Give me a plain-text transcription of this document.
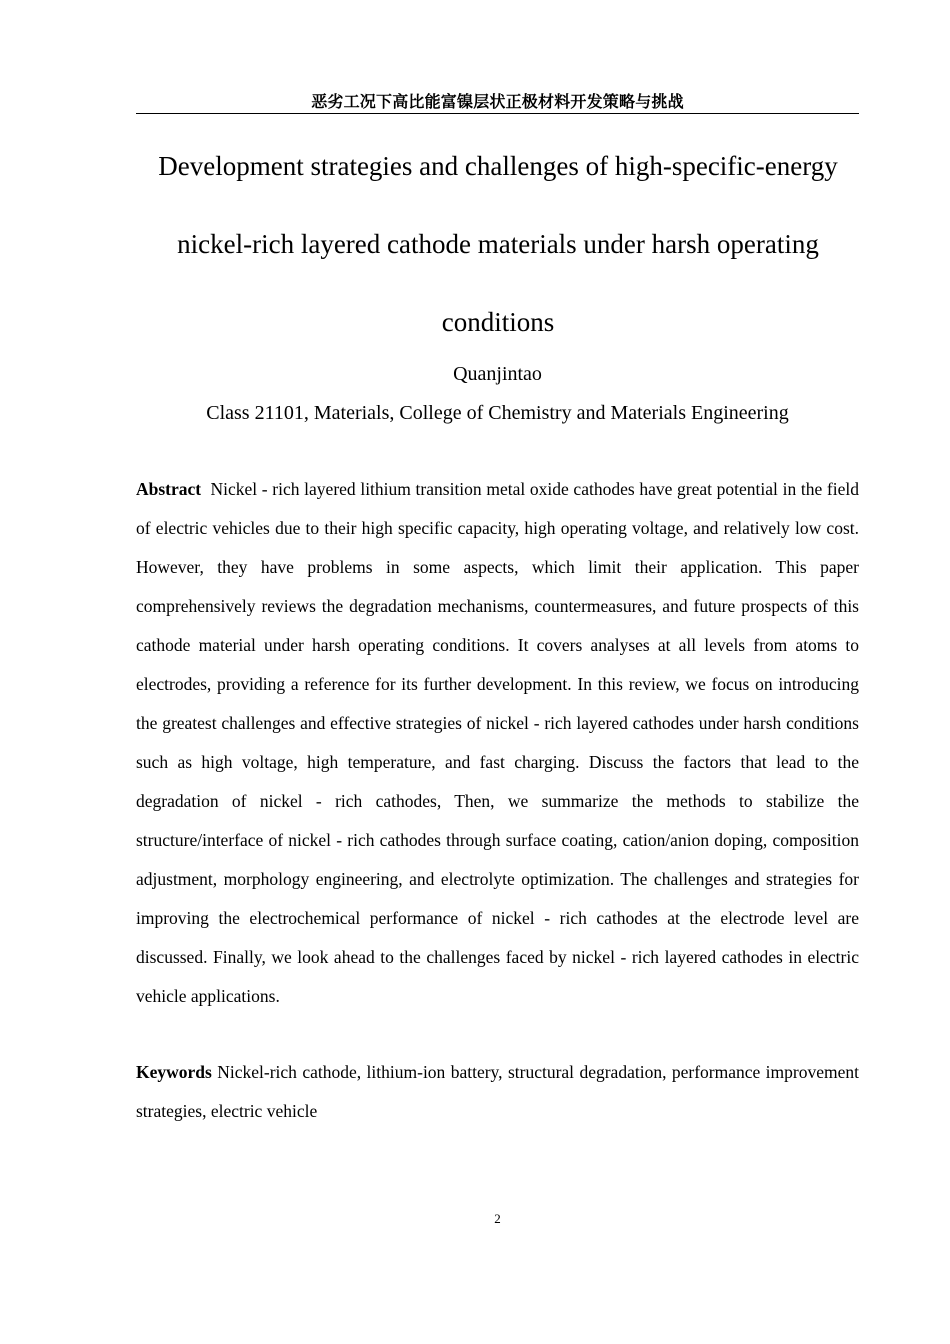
恶劣工况下高比能富镍层状正极材料开发策略与挑战
Development strategies and challenges of high-specific-energy
nickel-rich layered cathode materials under harsh operating
conditions
Quanjintao
Class 21101, Materials, College of Chemistry and Materials Engineering

Abstract Nickel - rich layered lithium transition metal oxide cathodes have great potential in the field of electric vehicles due to their high specific capacity, high operating voltage, and relatively low cost. However, they have problems in some aspects, which limit their application. This paper comprehensively reviews the degradation mechanisms, countermeasures, and future prospects of this cathode material under harsh operating conditions. It covers analyses at all levels from atoms to electrodes, providing a reference for its further development. In this review, we focus on introducing the greatest challenges and effective strategies of nickel - rich layered cathodes under harsh conditions such as high voltage, high temperature, and fast charging. Discuss the factors that lead to the degradation of nickel - rich cathodes, Then, we summarize the methods to stabilize the structure/interface of nickel - rich cathodes through surface coating, cation/anion doping, composition adjustment, morphology engineering, and electrolyte optimization. The challenges and strategies for improving the electrochemical performance of nickel - rich cathodes at the electrode level are discussed. Finally, we look ahead to the challenges faced by nickel - rich layered cathodes in electric vehicle applications.

Keywords Nickel-rich cathode, lithium-ion battery, structural degradation, performance improvement strategies, electric vehicle

2
